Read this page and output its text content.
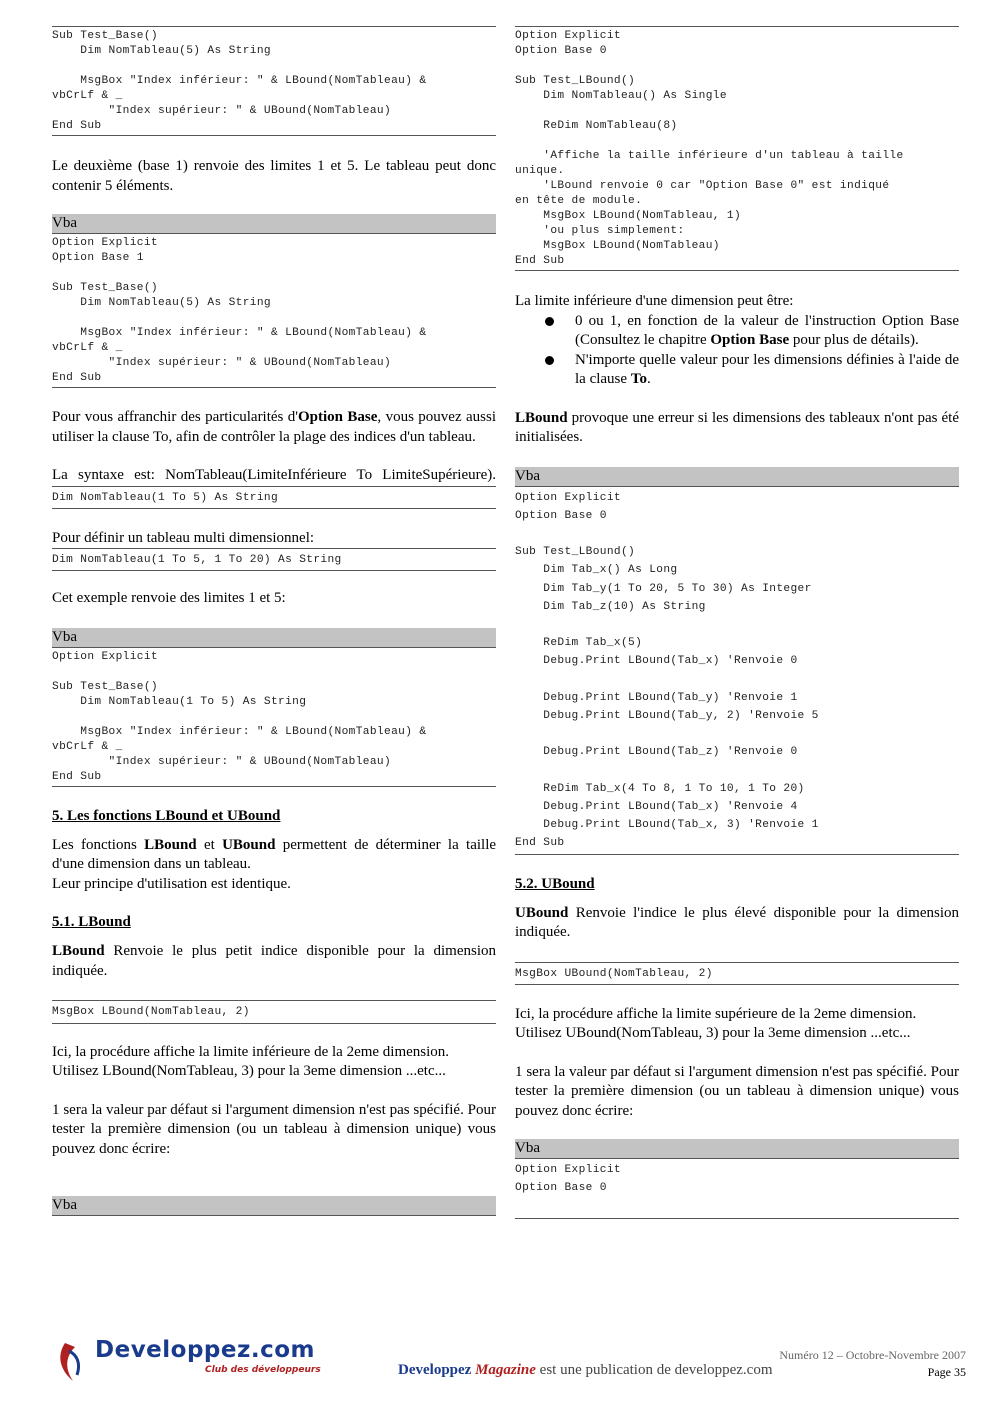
Sub Test_Base()
Dim NomTableau(5) As String

MsgBox "Index inférieur: " & LBound(NomTableau) &
vbCrLf & _
"Index supérieur: " & UBound(NomTableau)
End Sub

Le deuxième (base 1) renvoie des limites 1 et 5. Le tableau peut donc contenir 5 éléments.

Vba
Option Explicit
Option Base 1

Sub Test_Base()
Dim NomTableau(5) As String

MsgBox "Index inférieur: " & LBound(NomTableau) &
vbCrLf & _
"Index supérieur: " & UBound(NomTableau)
End Sub

Pour vous affranchir des particularités d'Option Base, vous pouvez aussi utiliser la clause To, afin de contrôler la plage des indices d'un tableau.

La syntaxe est: NomTableau(LimiteInférieure To LimiteSupérieure).

Dim NomTableau(1 To 5) As String

Pour définir un tableau multi dimensionnel:

Dim NomTableau(1 To 5, 1 To 20) As String

Cet exemple renvoie des limites 1 et 5:

Vba
Option Explicit

Sub Test_Base()
Dim NomTableau(1 To 5) As String

MsgBox "Index inférieur: " & LBound(NomTableau) &
vbCrLf & _
"Index supérieur: " & UBound(NomTableau)
End Sub
5. Les fonctions LBound et UBound

Les fonctions LBound et UBound permettent de déterminer la taille d'une dimension dans un tableau.
Leur principe d'utilisation est identique.

5.1. LBound

LBound Renvoie le plus petit indice disponible pour la dimension indiquée.

MsgBox LBound(NomTableau, 2)

Ici, la procédure affiche la limite inférieure de la 2eme dimension.
Utilisez LBound(NomTableau, 3) pour la 3eme dimension ...etc...

1 sera la valeur par défaut si l'argument dimension n'est pas spécifié. Pour tester la première dimension (ou un tableau à dimension unique) vous pouvez donc écrire:

Vba
Option Explicit
Option Base 0

Sub Test_LBound()
Dim NomTableau() As Single

ReDim NomTableau(8)

'Affiche la taille inférieure d'un tableau à taille
unique.
'LBound renvoie 0 car "Option Base 0" est indiqué
en tête de module.
MsgBox LBound(NomTableau, 1)
'ou plus simplement:
MsgBox LBound(NomTableau)
End Sub

La limite inférieure d'une dimension peut être:

0 ou 1, en fonction de la valeur de l'instruction Option Base (Consultez le chapitre Option Base pour plus de détails).
N'importe quelle valeur pour les dimensions définies à l'aide de la clause To.

LBound provoque une erreur si les dimensions des tableaux n'ont pas été initialisées.

Vba
Option Explicit
Option Base 0

Sub Test_LBound()
Dim Tab_x() As Long
Dim Tab_y(1 To 20, 5 To 30) As Integer
Dim Tab_z(10) As String

ReDim Tab_x(5)
Debug.Print LBound(Tab_x) 'Renvoie 0

Debug.Print LBound(Tab_y) 'Renvoie 1
Debug.Print LBound(Tab_y, 2) 'Renvoie 5

Debug.Print LBound(Tab_z) 'Renvoie 0

ReDim Tab_x(4 To 8, 1 To 10, 1 To 20)
Debug.Print LBound(Tab_x) 'Renvoie 4
Debug.Print LBound(Tab_x, 3) 'Renvoie 1
End Sub
5.2. UBound

UBound Renvoie l'indice le plus élevé disponible pour la dimension indiquée.

MsgBox UBound(NomTableau, 2)

Ici, la procédure affiche la limite supérieure de la 2eme dimension.
Utilisez UBound(NomTableau, 3) pour la 3eme dimension ...etc...

1 sera la valeur par défaut si l'argument dimension n'est pas spécifié. Pour tester la première dimension (ou un tableau à dimension unique) vous pouvez donc écrire:

Vba
Option Explicit
Option Base 0
Developpez.com
Club des développeurs
Numéro 12 – Octobre-Novembre 2007
Developpez Magazine est une publication de developpez.com	Page 35
